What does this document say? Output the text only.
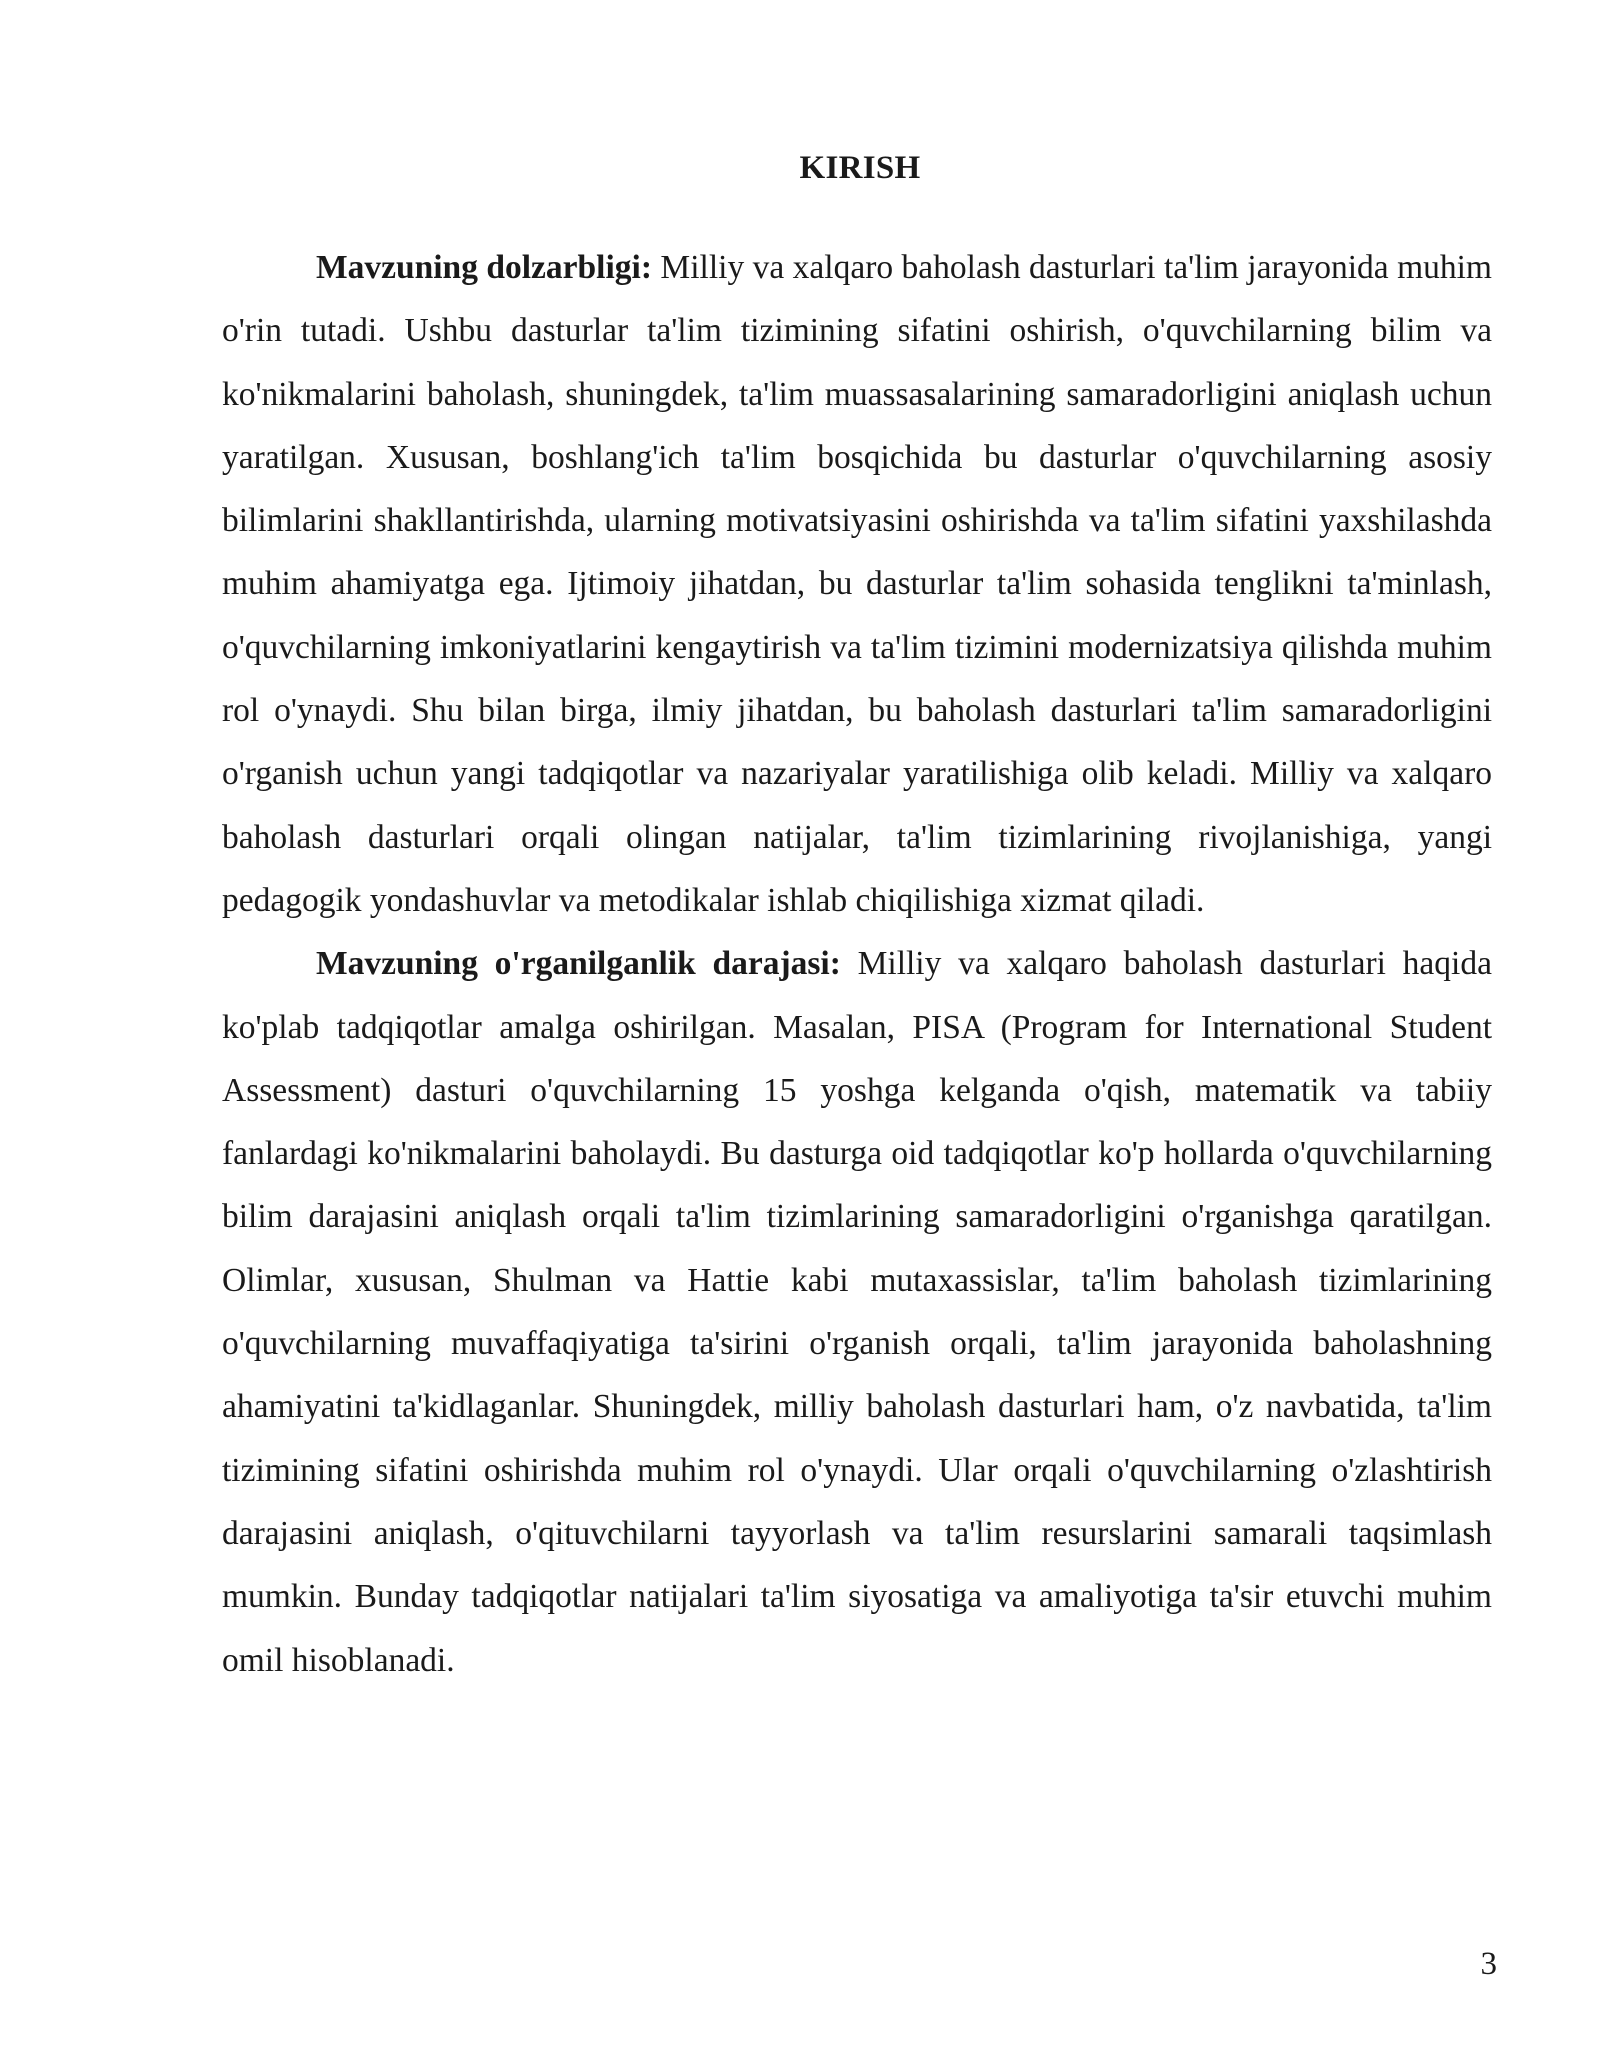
KIRISH

Mavzuning dolzarbligi: Milliy va xalqaro baholash dasturlari ta'lim jarayonida muhim o'rin tutadi. Ushbu dasturlar ta'lim tizimining sifatini oshirish, o'quvchilarning bilim va ko'nikmalarini baholash, shuningdek, ta'lim muassasalarining samaradorligini aniqlash uchun yaratilgan. Xususan, boshlang'ich ta'lim bosqichida bu dasturlar o'quvchilarning asosiy bilimlarini shakllantirishda, ularning motivatsiyasini oshirishda va ta'lim sifatini yaxshilashda muhim ahamiyatga ega. Ijtimoiy jihatdan, bu dasturlar ta'lim sohasida tenglikni ta'minlash, o'quvchilarning imkoniyatlarini kengaytirish va ta'lim tizimini modernizatsiya qilishda muhim rol o'ynaydi. Shu bilan birga, ilmiy jihatdan, bu baholash dasturlari ta'lim samaradorligini o'rganish uchun yangi tadqiqotlar va nazariyalar yaratilishiga olib keladi. Milliy va xalqaro baholash dasturlari orqali olingan natijalar, ta'lim tizimlarining rivojlanishiga, yangi pedagogik yondashuvlar va metodikalar ishlab chiqilishiga xizmat qiladi.

Mavzuning o'rganilganlik darajasi: Milliy va xalqaro baholash dasturlari haqida ko'plab tadqiqotlar amalga oshirilgan. Masalan, PISA (Program for International Student Assessment) dasturi o'quvchilarning 15 yoshga kelganda o'qish, matematik va tabiiy fanlardagi ko'nikmalarini baholaydi. Bu dasturga oid tadqiqotlar ko'p hollarda o'quvchilarning bilim darajasini aniqlash orqali ta'lim tizimlarining samaradorligini o'rganishga qaratilgan. Olimlar, xususan, Shulman va Hattie kabi mutaxassislar, ta'lim baholash tizimlarining o'quvchilarning muvaffaqiyatiga ta'sirini o'rganish orqali, ta'lim jarayonida baholashning ahamiyatini ta'kidlaganlar. Shuningdek, milliy baholash dasturlari ham, o'z navbatida, ta'lim tizimining sifatini oshirishda muhim rol o'ynaydi. Ular orqali o'quvchilarning o'zlashtirish darajasini aniqlash, o'qituvchilarni tayyorlash va ta'lim resurslarini samarali taqsimlash mumkin. Bunday tadqiqotlar natijalari ta'lim siyosatiga va amaliyotiga ta'sir etuvchi muhim omil hisoblanadi.

3
